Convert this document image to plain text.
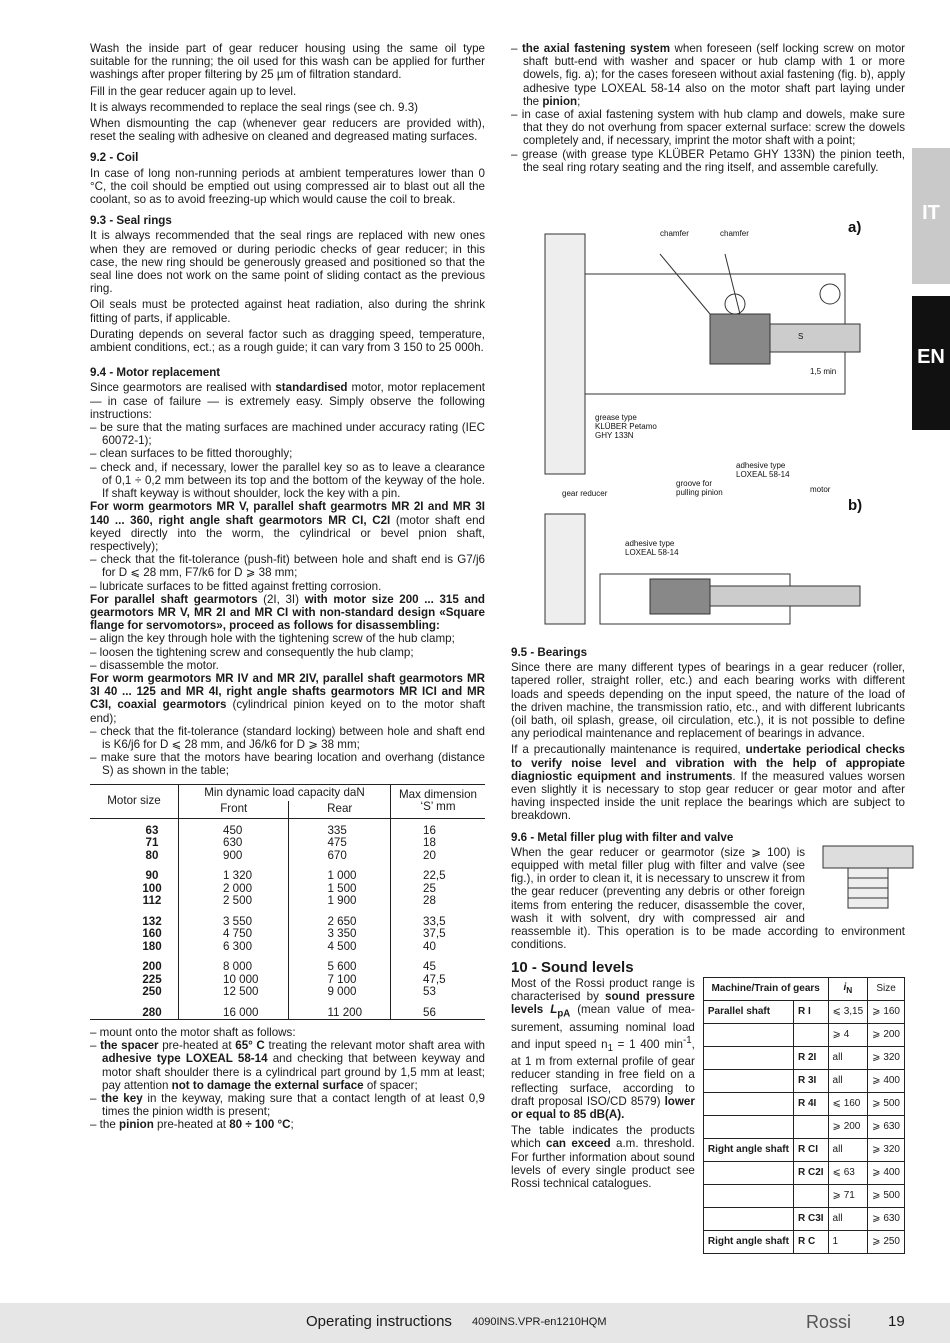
IT
EN

Wash the inside part of gear reducer housing using the same oil type suitable for the running; the oil used for this wash can be applied for further washings after proper filtering by 25 µm of filtration standard.

Fill in the gear reducer again up to level.

It is always recommended to replace the seal rings (see ch. 9.3)

When dismounting the cap (whenever gear reducers are provided with), reset the sealing with adhesive on cleaned and degreased mating surfaces.

9.2 - Coil

In case of long non-running periods at ambient temperatures lower than 0 °C, the coil should be emptied out using compressed air to blast out all the coolant, so as to avoid freezing-up which would cause the coil to break.

9.3 - Seal rings

It is always recommended that the seal rings are replaced with new ones when they are removed or during periodic checks of gear reducer; in this case, the new ring should be generously greased and positioned so that the seal line does not work on the same point of sliding contact as the previous ring.

Oil seals must be protected against heat radiation, also during the shrink fitting of parts, if applicable.

Durating depends on several factor such as dragging speed, temperature, ambient conditions, ect.; as a rough guide; it can vary from 3 150 to 25 000h.

9.4 - Motor replacement

Since gearmotors are realised with standardised motor, motor replacement — in case of failure — is extremely easy. Simply observe the following instructions:

– be sure that the mating surfaces are machined under accuracy rating (IEC 60072-1);

– clean surfaces to be fitted thoroughly;

– check and, if necessary, lower the parallel key so as to leave a clearance of 0,1 ÷ 0,2 mm between its top and the bottom of the keyway of the hole. If shaft keyway is without shoulder, lock the key with a pin.

For worm gearmotors MR V, parallel shaft gearmotrs MR 2I and MR 3I 140 ... 360, right angle shaft gearmotors MR CI, C2I (motor shaft end keyed directly into the worm, the cylindrical or bevel pnion shaft, respectively);

– check that the fit-tolerance (push-fit) between hole and shaft end is G7/j6 for D ⩽ 28 mm, F7/k6 for D ⩾ 38 mm;

– lubricate surfaces to be fitted against fretting corrosion.

For parallel shaft gearmotors (2I, 3I) with motor size 200 ... 315 and gearmotors MR V, MR 2I and MR CI with non-standard design «Square flange for servomotors», proceed as follows for disassembling:

– align the key through hole with the tightening screw of the hub clamp;

– loosen the tightening screw and consequently the hub clamp;

– disassemble the motor.

For worm gearmotors MR IV and MR 2IV, parallel shaft gearmotors MR 3I 40 ... 125 and MR 4I, right angle shafts gearmotors MR ICI and MR C3I, coaxial gearmotors (cylindrical pinion keyed on to the motor shaft end);

– check that the fit-tolerance (standard locking) between hole and shaft end is K6/j6 for D ⩽ 28 mm, and J6/k6 for D ⩾ 38 mm;

– make sure that the motors have bearing location and overhang (distance S) as shown in the table;

Motor size	Min dynamic load capacity daN		Max dimension ‘S’ mm
	Front	Rear	
63	450	335	16
71	630	475	18
80	900	670	20
90	1 320	1 000	22,5
100	2 000	1 500	25
112	2 500	1 900	28
132	3 550	2 650	33,5
160	4 750	3 350	37,5
180	6 300	4 500	40
200	8 000	5 600	45
225	10 000	7 100	47,5
250	12 500	9 000	53
280	16 000	11 200	56

– mount onto the motor shaft as follows:

– the spacer pre-heated at 65° C treating the relevant motor shaft area with adhesive type LOXEAL 58-14 and checking that between keyway and motor shaft shoulder there is a cylindrical part ground by 1,5 mm at least; pay attention not to damage the external surface of spacer;

– the key in the keyway, making sure that a contact length of at least 0,9 times the pinion width is present;

– the pinion pre-heated at 80 ÷ 100 °C;

– the axial fastening system when foreseen (self locking screw on motor shaft butt-end with washer and spacer or hub clamp with 1 or more dowels, fig. a); for the cases foreseen without axial fastening (fig. b), apply adhesive type LOXEAL 58-14 also on the motor shaft part laying under the pinion;

– in case of axial fastening system with hub clamp and dowels, make sure that they do not overhung from spacer external surface: screw the dowels completely and, if necessary, imprint the motor shaft with a point;

– grease (with grease type KLÜBER Petamo GHY 133N) the pinion teeth, the seal ring rotary seating and the ring itself, and assemble carefully.

a)
chamfer	chamfer
1,5 min
grease type
KLÜBER Petamo
GHY 133N
adhesive type
LOXEAL 58-14
groove for
pulling pinion
gear reducer	motor
S
b)
adhesive type
LOXEAL 58-14
9.5 - Bearings

Since there are many different types of bearings in a gear reducer (roller, tapered roller, straight roller, etc.) and each bearing works with different loads and speeds depending on the input speed, the nature of the load of the driven machine, the transmission ratio, etc., and with different lubricants (oil bath, oil splash, grease, oil circulation, etc.), it is not possible to define any periodical maintenance and replacement of bearings in advance.

If a precautionally maintenance is required, undertake periodical checks to verify noise level and vibration with the help of appropiate diagniostic equipment and instruments. If the measured values worsen even slightly it is necessary to stop gear reducer or gear motor and after having inspected inside the unit replace the bearings which are subject to breakdown.

9.6 - Metal filler plug with filter and valve

When the gear reducer or gearmotor (size ⩾ 100) is equipped with metal filler plug with filter and valve (see fig.), in order to clean it, it is necessary to unscrew it from the gear reducer (preventing any debris or other foreign items from entering the reducer, disassemble the cover, wash it with solvent, dry with compressed air and reassemble it). This operation is to be made according to environment conditions.

10 - Sound levels
Machine/Train of gears		$i_N$	Size
Parallel shaft	R I	⩽ 3,15	⩾ 160
		⩾ 4	⩾ 200
	R 2I	all	⩾ 320
	R 3I	all	⩾ 400
	R 4I	⩽ 160	⩾ 500
		⩾ 200	⩾ 630
Right angle shaft	R CI	all	⩾ 320
	R C2I	⩽ 63	⩾ 400
		⩾ 71	⩾ 500
	R C3I	all	⩾ 630
Right angle shaft	R C	1	⩾ 250

Most of the Rossi product range is characterised by sound pressure levels $L_{pA}$ (mean value of mea-surement, assuming nominal load and input speed $n_1 = 1$ 400 $\min^{-1}$, at 1 m from external profile of gear reducer standing in free field on a reflecting surface, according to draft proposal ISO/CD 8579) lower or equal to 85 dB(A).

The table indicates the products which can exceed a.m. threshold. For further information about sound levels of every single product see Rossi technical catalogues.

Operating instructions 4090INS.VPR-en1210HQM	Rossi 19
